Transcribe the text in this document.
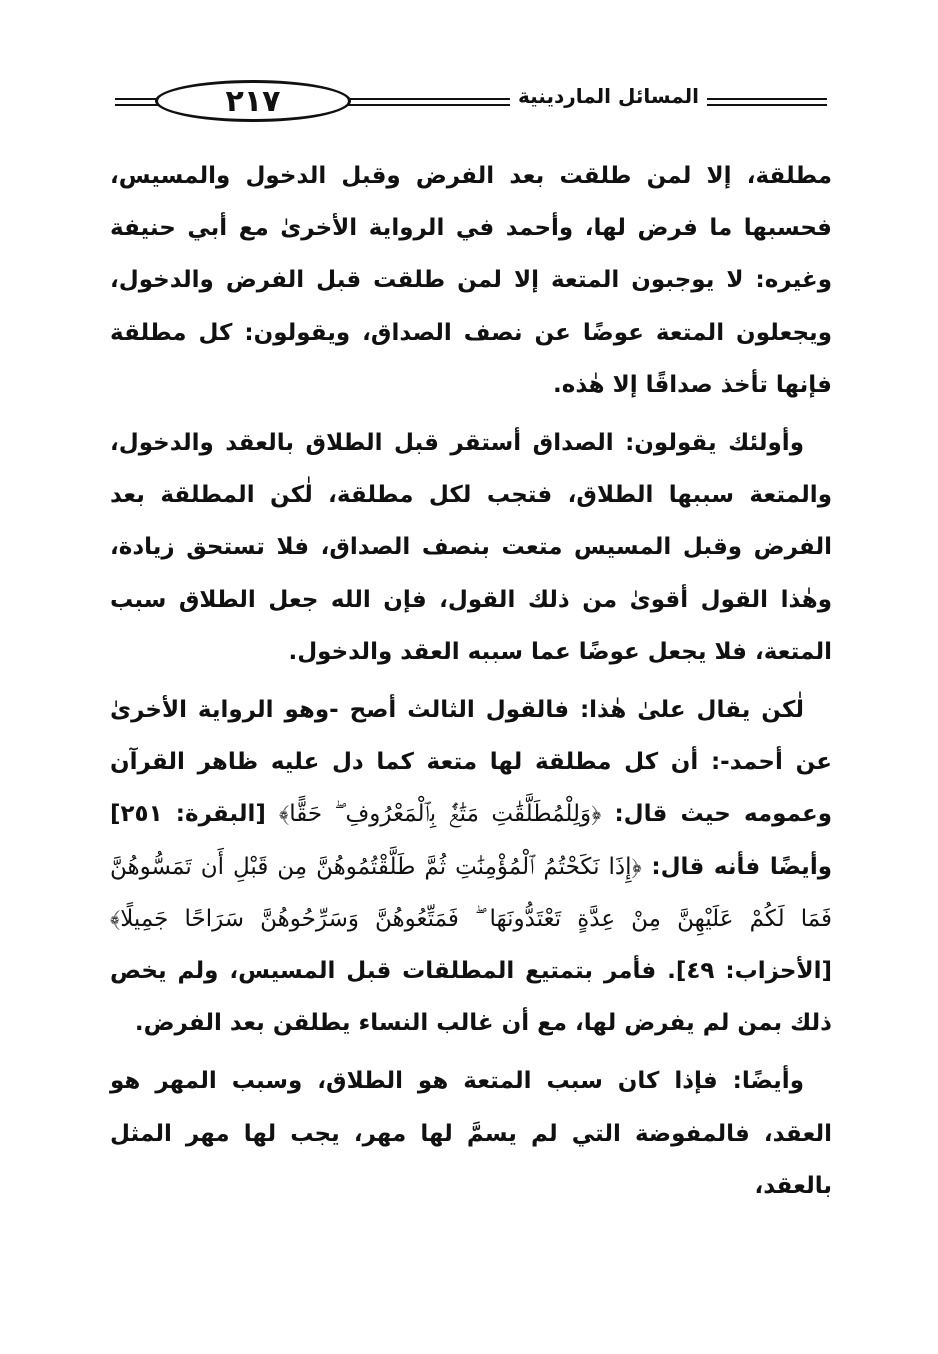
٢١٧	المسائل الماردينية

مطلقة، إلا لمن طلقت بعد الفرض وقبل الدخول والمسيس، فحسبها ما فرض لها، وأحمد في الرواية الأخرىٰ مع أبي حنيفة وغيره: لا يوجبون المتعة إلا لمن طلقت قبل الفرض والدخول، ويجعلون المتعة عوضًا عن نصف الصداق، ويقولون: كل مطلقة فإنها تأخذ صداقًا إلا هٰذه.

وأولئك يقولون: الصداق أستقر قبل الطلاق بالعقد والدخول، والمتعة سببها الطلاق، فتجب لكل مطلقة، لٰكن المطلقة بعد الفرض وقبل المسيس متعت بنصف الصداق، فلا تستحق زيادة، وهٰذا القول أقوىٰ من ذلك القول، فإن الله جعل الطلاق سبب المتعة، فلا يجعل عوضًا عما سببه العقد والدخول.

لٰكن يقال علىٰ هٰذا: فالقول الثالث أصح -وهو الرواية الأخرىٰ عن أحمد-: أن كل مطلقة لها متعة كما دل عليه ظاهر القرآن وعمومه حيث قال: ﴿وَلِلْمُطَلَّقَٰتِ مَتَٰعٌۢ بِٱلْمَعْرُوفِ ۖ حَقًّا﴾ [البقرة: ٢٥١] وأيضًا فأنه قال: ﴿إِذَا نَكَحْتُمُ ٱلْمُؤْمِنَٰتِ ثُمَّ طَلَّقْتُمُوهُنَّ مِن قَبْلِ أَن تَمَسُّوهُنَّ فَمَا لَكُمْ عَلَيْهِنَّ مِنْ عِدَّةٍ تَعْتَدُّونَهَا ۖ فَمَتِّعُوهُنَّ وَسَرِّحُوهُنَّ سَرَاحًا جَمِيلًا﴾ [الأحزاب: ٤٩]. فأمر بتمتيع المطلقات قبل المسيس، ولم يخص ذلك بمن لم يفرض لها، مع أن غالب النساء يطلقن بعد الفرض.

وأيضًا: فإذا كان سبب المتعة هو الطلاق، وسبب المهر هو العقد، فالمفوضة التي لم يسمَّ لها مهر، يجب لها مهر المثل بالعقد،
